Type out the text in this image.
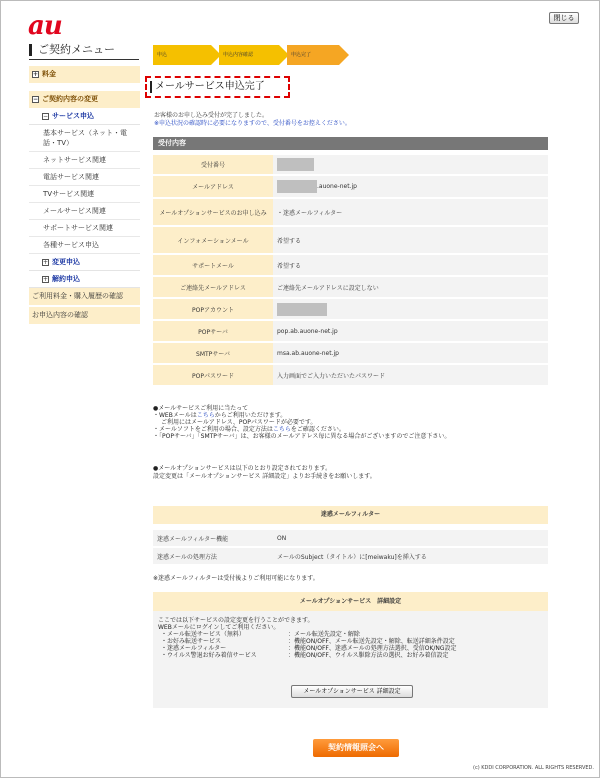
au	閉じる
ご契約メニュー
+ 料金
− ご契約内容の変更
− サービス申込
基本サービス（ネット・電話・TV）
ネットサービス関連
電話サービス関連
TVサービス関連
メールサービス関連
サポートサービス関連
各種サービス申込
+ 変更申込
+ 解約申込
ご利用料金・購入履歴の確認
お申込内容の確認
申込	申込内容確認	申込完了
メールサービス申込完了
お客様のお申し込み受付が完了しました。
※申込状況の確認時に必要になりますので、受付番号をお控えください。
受付内容
受付番号	
メールアドレス	.auone-net.jp
メールオプションサービスのお申し込み	・迷惑メールフィルター
インフォメーションメール	希望する
サポートメール	希望する
ご連絡先メールアドレス	ご連絡先メールアドレスに設定しない
POPアカウント	
POPサーバ	pop.ab.auone-net.jp
SMTPサーバ	msa.ab.auone-net.jp
POPパスワード	入力画面でご入力いただいたパスワード
●メールサービスご利用に当たって
・WEBメールはこちらからご利用いただけます。
ご利用にはメールアドレス、POPパスワードが必要です。
・メールソフトをご利用の場合、設定方法はこちらをご確認ください。
・「POPサーバ」「SMTPサーバ」は、お客様のメールアドレス毎に異なる場合がございますのでご注意下さい。
●メールオプションサービスは以下のとおり設定されております。
設定変更は「メールオプションサービス 詳細設定」よりお手続きをお願いします。
迷惑メールフィルター
迷惑メールフィルター機能	ON
迷惑メールの処理方法	メールのSubject（タイトル）に[meiwaku]を挿入する
※迷惑メールフィルターは受付後よりご利用可能になります。
メールオプションサービス　詳細設定
ここでは以下サービスの設定変更を行うことができます。
WEBメールにログインしてご利用ください。
・メール転送サービス（無料）	：メール転送先設定・解除
・お好み転送サービス	：機能ON/OFF、メール転送先設定・解除、転送詳細条件設定
・迷惑メールフィルター	：機能ON/OFF、迷惑メールの処理方法選択、受信OK/NG設定
・ウイルス警退お好み着信サービス	：機能ON/OFF、ウイルス駆除方法の選択、お好み着信設定
メールオプションサービス 詳細設定
契約情報照会へ
(c) KDDI CORPORATION. ALL RIGHTS RESERVED.
